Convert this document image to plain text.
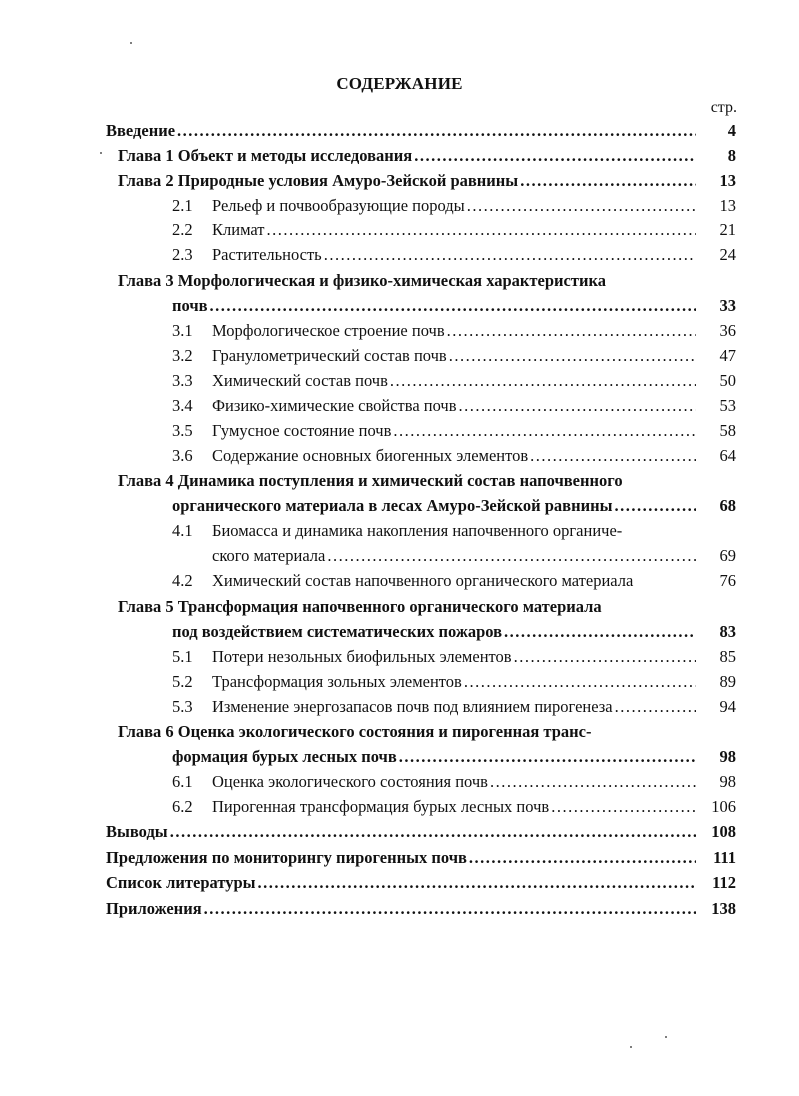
СОДЕРЖАНИЕ
стр.
Введение .....	4
Глава 1 Объект и методы исследования .....	8
Глава 2 Природные условия Амуро-Зейской равнины .....	13
2.1	Рельеф и почвообразующие породы .....	13
2.2	Климат .....	21
2.3	Растительность .....	24
Глава 3 Морфологическая и физико-химическая характеристика
почв .....	33
3.1	Морфологическое строение почв .....	36
3.2	Гранулометрический состав почв .....	47
3.3	Химический состав почв .....	50
3.4	Физико-химические свойства почв .....	53
3.5	Гумусное состояние почв .....	58
3.6	Содержание основных биогенных элементов .....	64
Глава 4 Динамика поступления и химический состав напочвенного
органического материала в лесах Амуро-Зейской равнины .....	68
4.1 Биомасса и динамика накопления напочвенного органиче-
ского материала .....	69
4.2 Химический состав напочвенного органического материала	76
Глава 5 Трансформация напочвенного органического материала
под воздействием систематических пожаров .....	83
5.1	Потери незольных биофильных элементов .....	85
5.2	Трансформация зольных элементов .....	89
5.3	Изменение энергозапасов почв под влиянием пирогенеза .....	94
Глава 6 Оценка экологического состояния и пирогенная транс-
формация бурых лесных почв .....	98
6.1	Оценка экологического состояния почв .....	98
6.2	Пирогенная трансформация бурых лесных почв .....	106
Выводы .....	108
Предложения по мониторингу пирогенных почв .....	111
Список литературы .....	112
Приложения .....	138
